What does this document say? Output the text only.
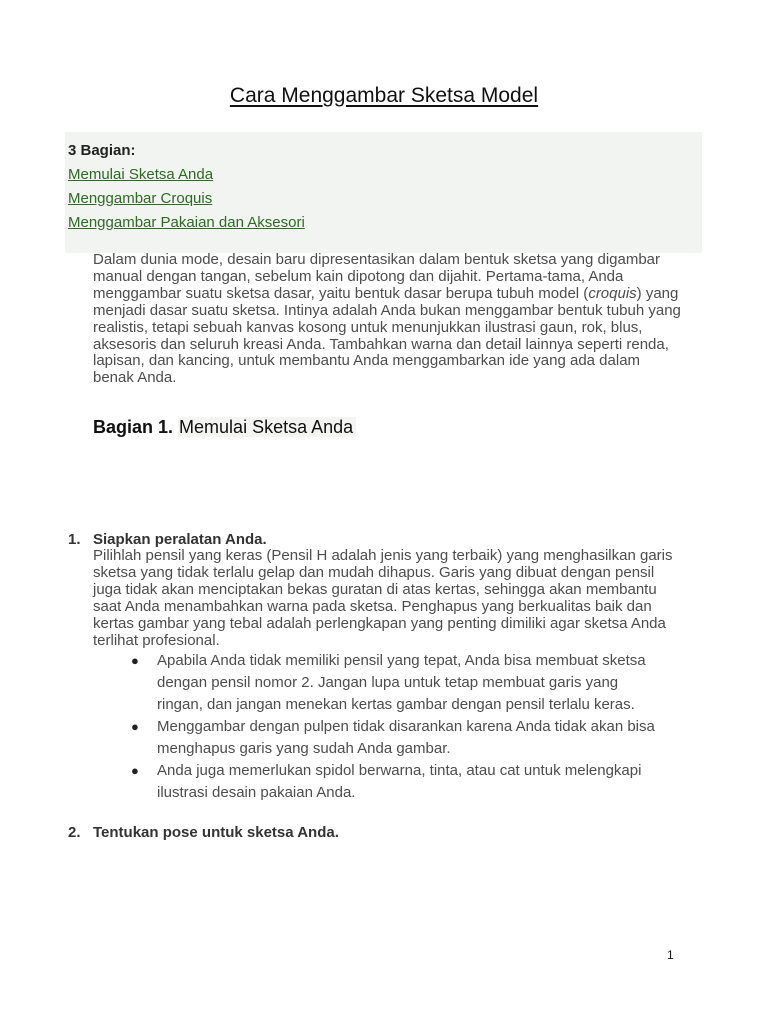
Cara Menggambar Sketsa Model

3 Bagian:

Memulai Sketsa Anda
Menggambar Croquis
Menggambar Pakaian dan Aksesori

Dalam dunia mode, desain baru dipresentasikan dalam bentuk sketsa yang digambar manual dengan tangan, sebelum kain dipotong dan dijahit. Pertama-tama, Anda menggambar suatu sketsa dasar, yaitu bentuk dasar berupa tubuh model (croquis) yang menjadi dasar suatu sketsa. Intinya adalah Anda bukan menggambar bentuk tubuh yang realistis, tetapi sebuah kanvas kosong untuk menunjukkan ilustrasi gaun, rok, blus, aksesoris dan seluruh kreasi Anda. Tambahkan warna dan detail lainnya seperti renda, lapisan, dan kancing, untuk membantu Anda menggambarkan ide yang ada dalam benak Anda.

Bagian 1. Memulai Sketsa Anda
1. Siapkan peralatan Anda.

Pilihlah pensil yang keras (Pensil H adalah jenis yang terbaik) yang menghasilkan garis sketsa yang tidak terlalu gelap dan mudah dihapus. Garis yang dibuat dengan pensil juga tidak akan menciptakan bekas guratan di atas kertas, sehingga akan membantu saat Anda menambahkan warna pada sketsa. Penghapus yang berkualitas baik dan kertas gambar yang tebal adalah perlengkapan yang penting dimiliki agar sketsa Anda terlihat profesional.

● Apabila Anda tidak memiliki pensil yang tepat, Anda bisa membuat sketsa dengan pensil nomor 2. Jangan lupa untuk tetap membuat garis yang ringan, dan jangan menekan kertas gambar dengan pensil terlalu keras.
● Menggambar dengan pulpen tidak disarankan karena Anda tidak akan bisa menghapus garis yang sudah Anda gambar.
● Anda juga memerlukan spidol berwarna, tinta, atau cat untuk melengkapi ilustrasi desain pakaian Anda.
2. Tentukan pose untuk sketsa Anda.

1
